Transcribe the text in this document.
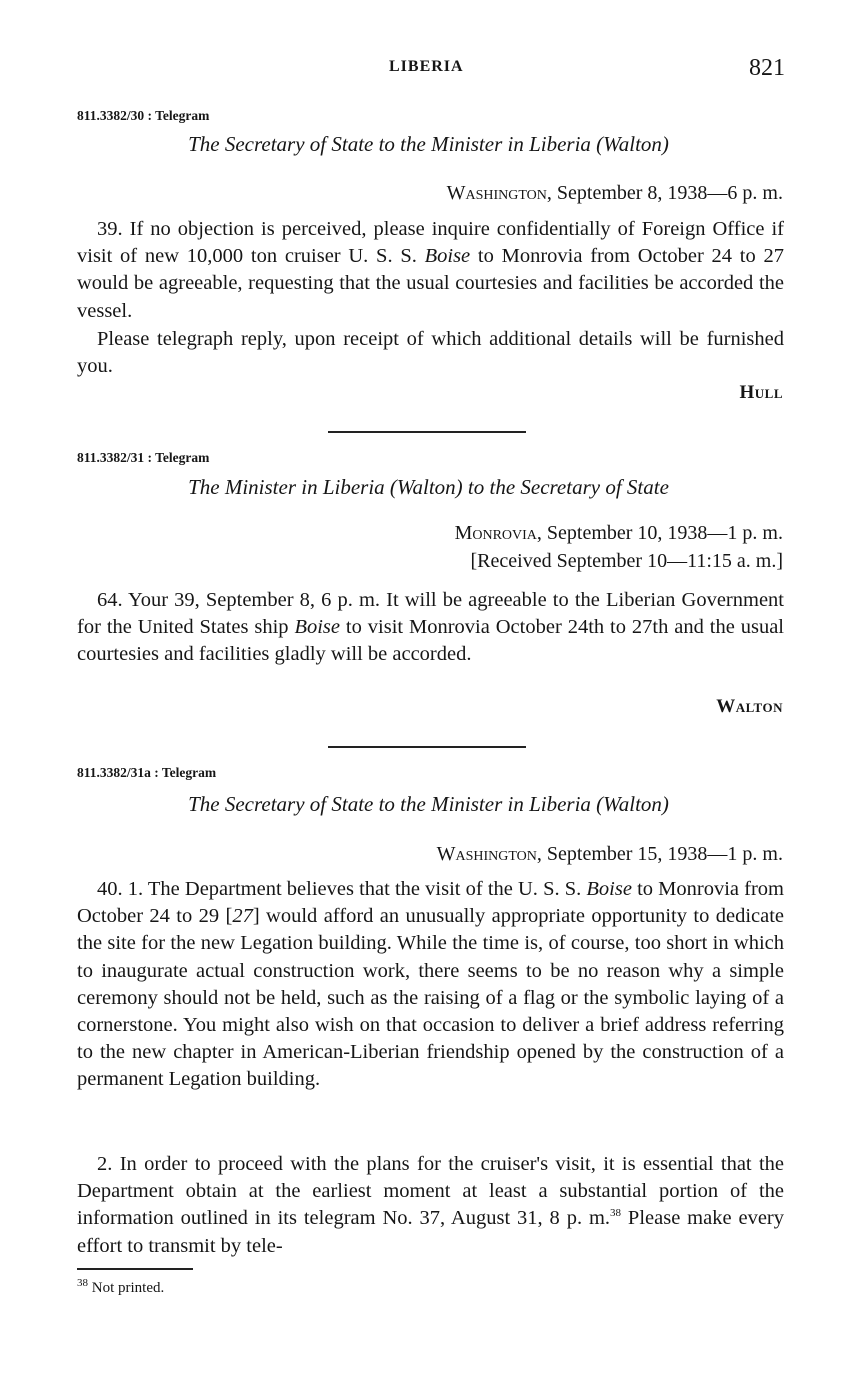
LIBERIA	821
811.3382/30 : Telegram
The Secretary of State to the Minister in Liberia (Walton)
Washington, September 8, 1938—6 p. m.

39. If no objection is perceived, please inquire confidentially of Foreign Office if visit of new 10,000 ton cruiser U. S. S. Boise to Monrovia from October 24 to 27 would be agreeable, requesting that the usual courtesies and facilities be accorded the vessel.

Please telegraph reply, upon receipt of which additional details will be furnished you.

Hull
811.3382/31 : Telegram
The Minister in Liberia (Walton) to the Secretary of State
Monrovia, September 10, 1938—1 p. m.
[Received September 10—11:15 a. m.]

64. Your 39, September 8, 6 p. m. It will be agreeable to the Liberian Government for the United States ship Boise to visit Monrovia October 24th to 27th and the usual courtesies and facilities gladly will be accorded.

Walton
811.3382/31a : Telegram
The Secretary of State to the Minister in Liberia (Walton)
Washington, September 15, 1938—1 p. m.

40. 1. The Department believes that the visit of the U. S. S. Boise to Monrovia from October 24 to 29 [27] would afford an unusually appropriate opportunity to dedicate the site for the new Legation building. While the time is, of course, too short in which to inaugurate actual construction work, there seems to be no reason why a simple ceremony should not be held, such as the raising of a flag or the symbolic laying of a cornerstone. You might also wish on that occasion to deliver a brief address referring to the new chapter in American-Liberian friendship opened by the construction of a permanent Legation building.

2. In order to proceed with the plans for the cruiser's visit, it is essential that the Department obtain at the earliest moment at least a substantial portion of the information outlined in its telegram No. 37, August 31, 8 p. m.$^{38}$ Please make every effort to transmit by tele-

$^{38}$ Not printed.
